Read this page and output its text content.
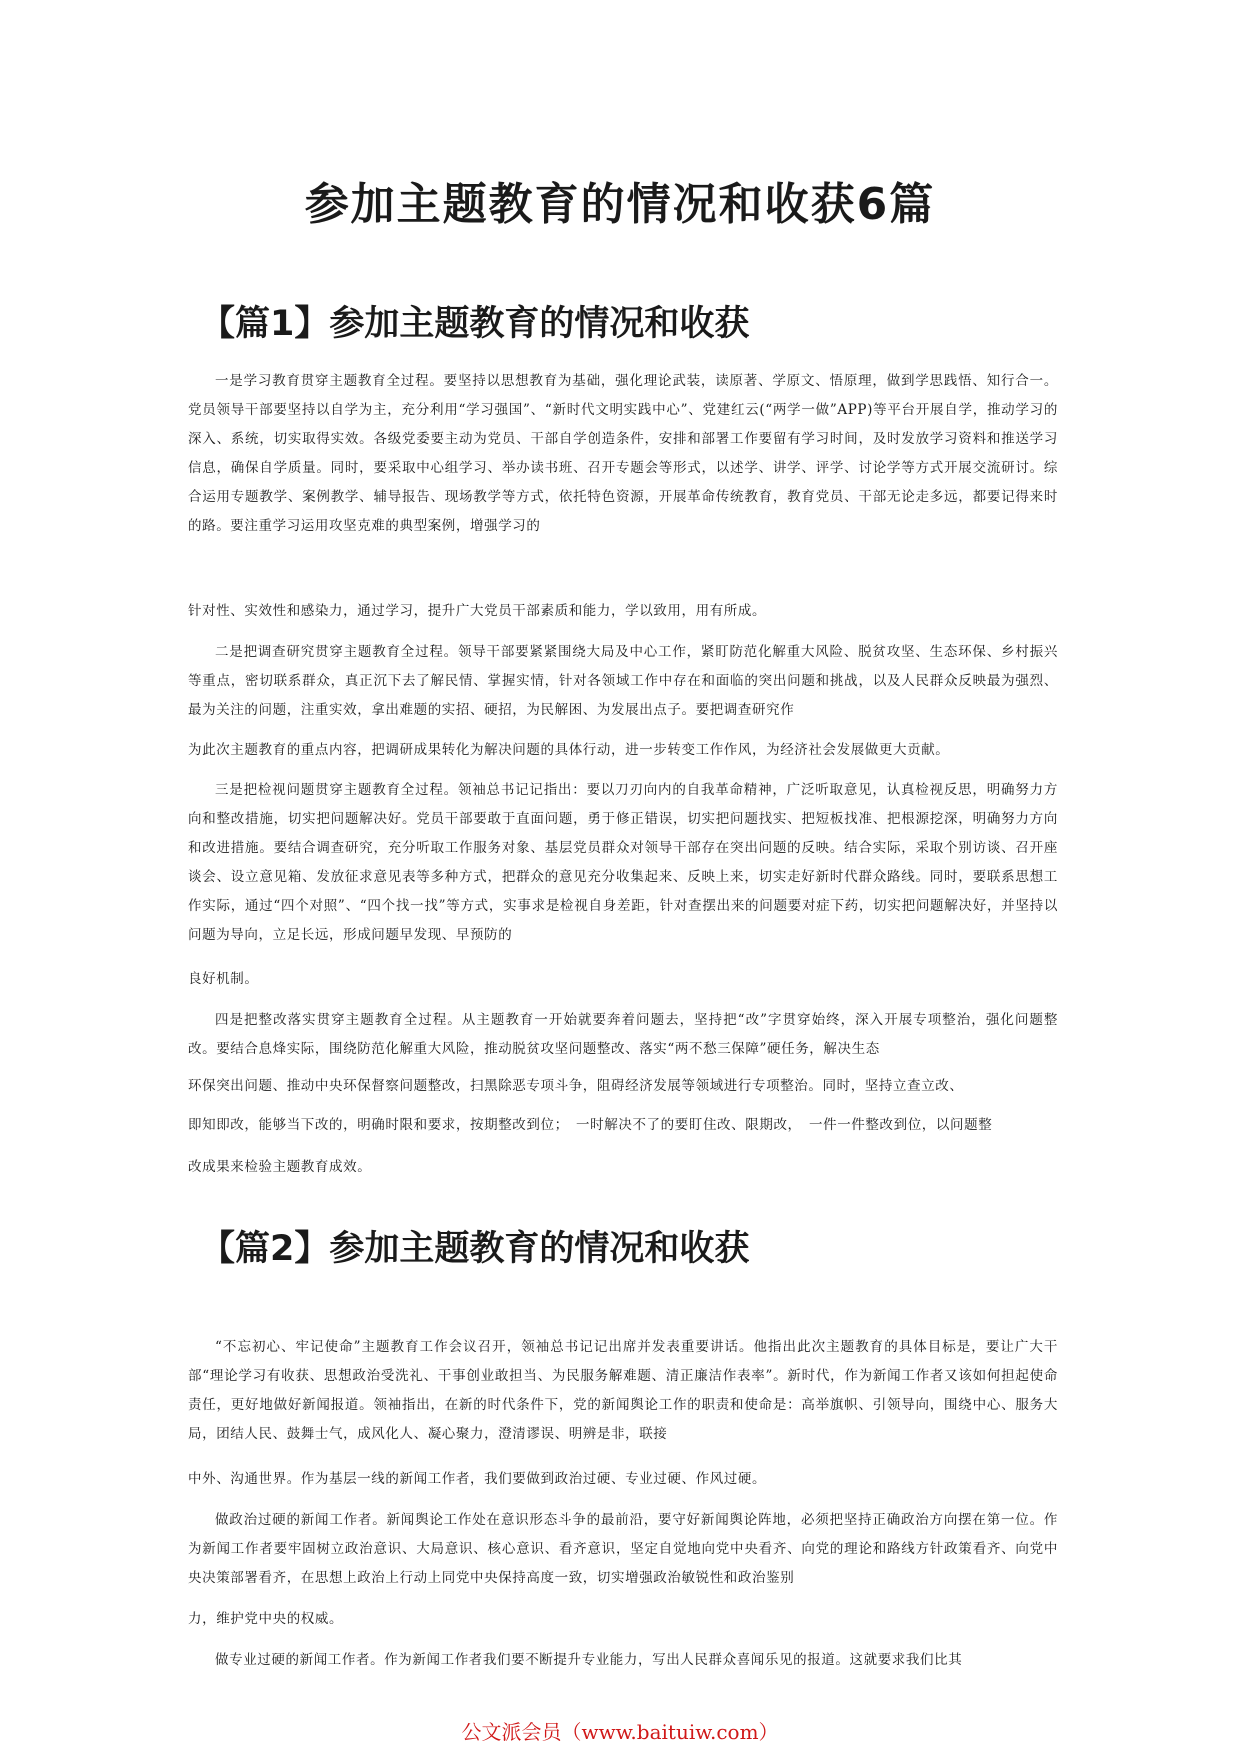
参加主题教育的情况和收获6篇
【篇1】参加主题教育的情况和收获

一是学习教育贯穿主题教育全过程。要坚持以思想教育为基础，强化理论武装，读原著、学原文、悟原理，做到学思践悟、知行合一。党员领导干部要坚持以自学为主，充分利用“学习强国”、“新时代文明实践中心”、党建红云(“两学一做”APP)等平台开展自学，推动学习的深入、系统，切实取得实效。各级党委要主动为党员、干部自学创造条件，安排和部署工作要留有学习时间，及时发放学习资料和推送学习信息，确保自学质量。同时，要采取中心组学习、举办读书班、召开专题会等形式，以述学、讲学、评学、讨论学等方式开展交流研讨。综合运用专题教学、案例教学、辅导报告、现场教学等方式，依托特色资源，开展革命传统教育，教育党员、干部无论走多远，都要记得来时的路。要注重学习运用攻坚克难的典型案例，增强学习的

针对性、实效性和感染力，通过学习，提升广大党员干部素质和能力，学以致用，用有所成。

二是把调查研究贯穿主题教育全过程。领导干部要紧紧围绕大局及中心工作，紧盯防范化解重大风险、脱贫攻坚、生态环保、乡村振兴等重点，密切联系群众，真正沉下去了解民情、掌握实情，针对各领域工作中存在和面临的突出问题和挑战，以及人民群众反映最为强烈、最为关注的问题，注重实效，拿出难题的实招、硬招，为民解困、为发展出点子。要把调查研究作

为此次主题教育的重点内容，把调研成果转化为解决问题的具体行动，进一步转变工作作风，为经济社会发展做更大贡献。

三是把检视问题贯穿主题教育全过程。领袖总书记记指出：要以刀刃向内的自我革命精神，广泛听取意见，认真检视反思，明确努力方向和整改措施，切实把问题解决好。党员干部要敢于直面问题，勇于修正错误，切实把问题找实、把短板找准、把根源挖深，明确努力方向和改进措施。要结合调查研究，充分听取工作服务对象、基层党员群众对领导干部存在突出问题的反映。结合实际，采取个别访谈、召开座谈会、设立意见箱、发放征求意见表等多种方式，把群众的意见充分收集起来、反映上来，切实走好新时代群众路线。同时，要联系思想工作实际，通过“四个对照”、“四个找一找”等方式，实事求是检视自身差距，针对查摆出来的问题要对症下药，切实把问题解决好，并坚持以问题为导向，立足长远，形成问题早发现、早预防的

良好机制。

四是把整改落实贯穿主题教育全过程。从主题教育一开始就要奔着问题去，坚持把“改”字贯穿始终，深入开展专项整治，强化问题整改。要结合息烽实际，围绕防范化解重大风险，推动脱贫攻坚问题整改、落实“两不愁三保障”硬任务，解决生态

环保突出问题、推动中央环保督察问题整改，扫黑除恶专项斗争，阻碍经济发展等领域进行专项整治。同时，坚持立查立改、

即知即改，能够当下改的，明确时限和要求，按期整改到位；　一时解决不了的要盯住改、限期改，　一件一件整改到位，以问题整

改成果来检验主题教育成效。

【篇2】参加主题教育的情况和收获

“不忘初心、牢记使命”主题教育工作会议召开，领袖总书记记出席并发表重要讲话。他指出此次主题教育的具体目标是，要让广大干部“理论学习有收获、思想政治受洗礼、干事创业敢担当、为民服务解难题、清正廉洁作表率”。新时代，作为新闻工作者又该如何担起使命责任，更好地做好新闻报道。领袖指出，在新的时代条件下，党的新闻舆论工作的职责和使命是：高举旗帜、引领导向，围绕中心、服务大局，团结人民、鼓舞士气，成风化人、凝心聚力，澄清谬误、明辨是非，联接

中外、沟通世界。作为基层一线的新闻工作者，我们要做到政治过硬、专业过硬、作风过硬。

做政治过硬的新闻工作者。新闻舆论工作处在意识形态斗争的最前沿，要守好新闻舆论阵地，必须把坚持正确政治方向摆在第一位。作为新闻工作者要牢固树立政治意识、大局意识、核心意识、看齐意识，坚定自觉地向党中央看齐、向党的理论和路线方针政策看齐、向党中央决策部署看齐，在思想上政治上行动上同党中央保持高度一致，切实增强政治敏锐性和政治鉴别

力，维护党中央的权威。

做专业过硬的新闻工作者。作为新闻工作者我们要不断提升专业能力，写出人民群众喜闻乐见的报道。这就要求我们比其

公文派会员（www.baituiw.com）
